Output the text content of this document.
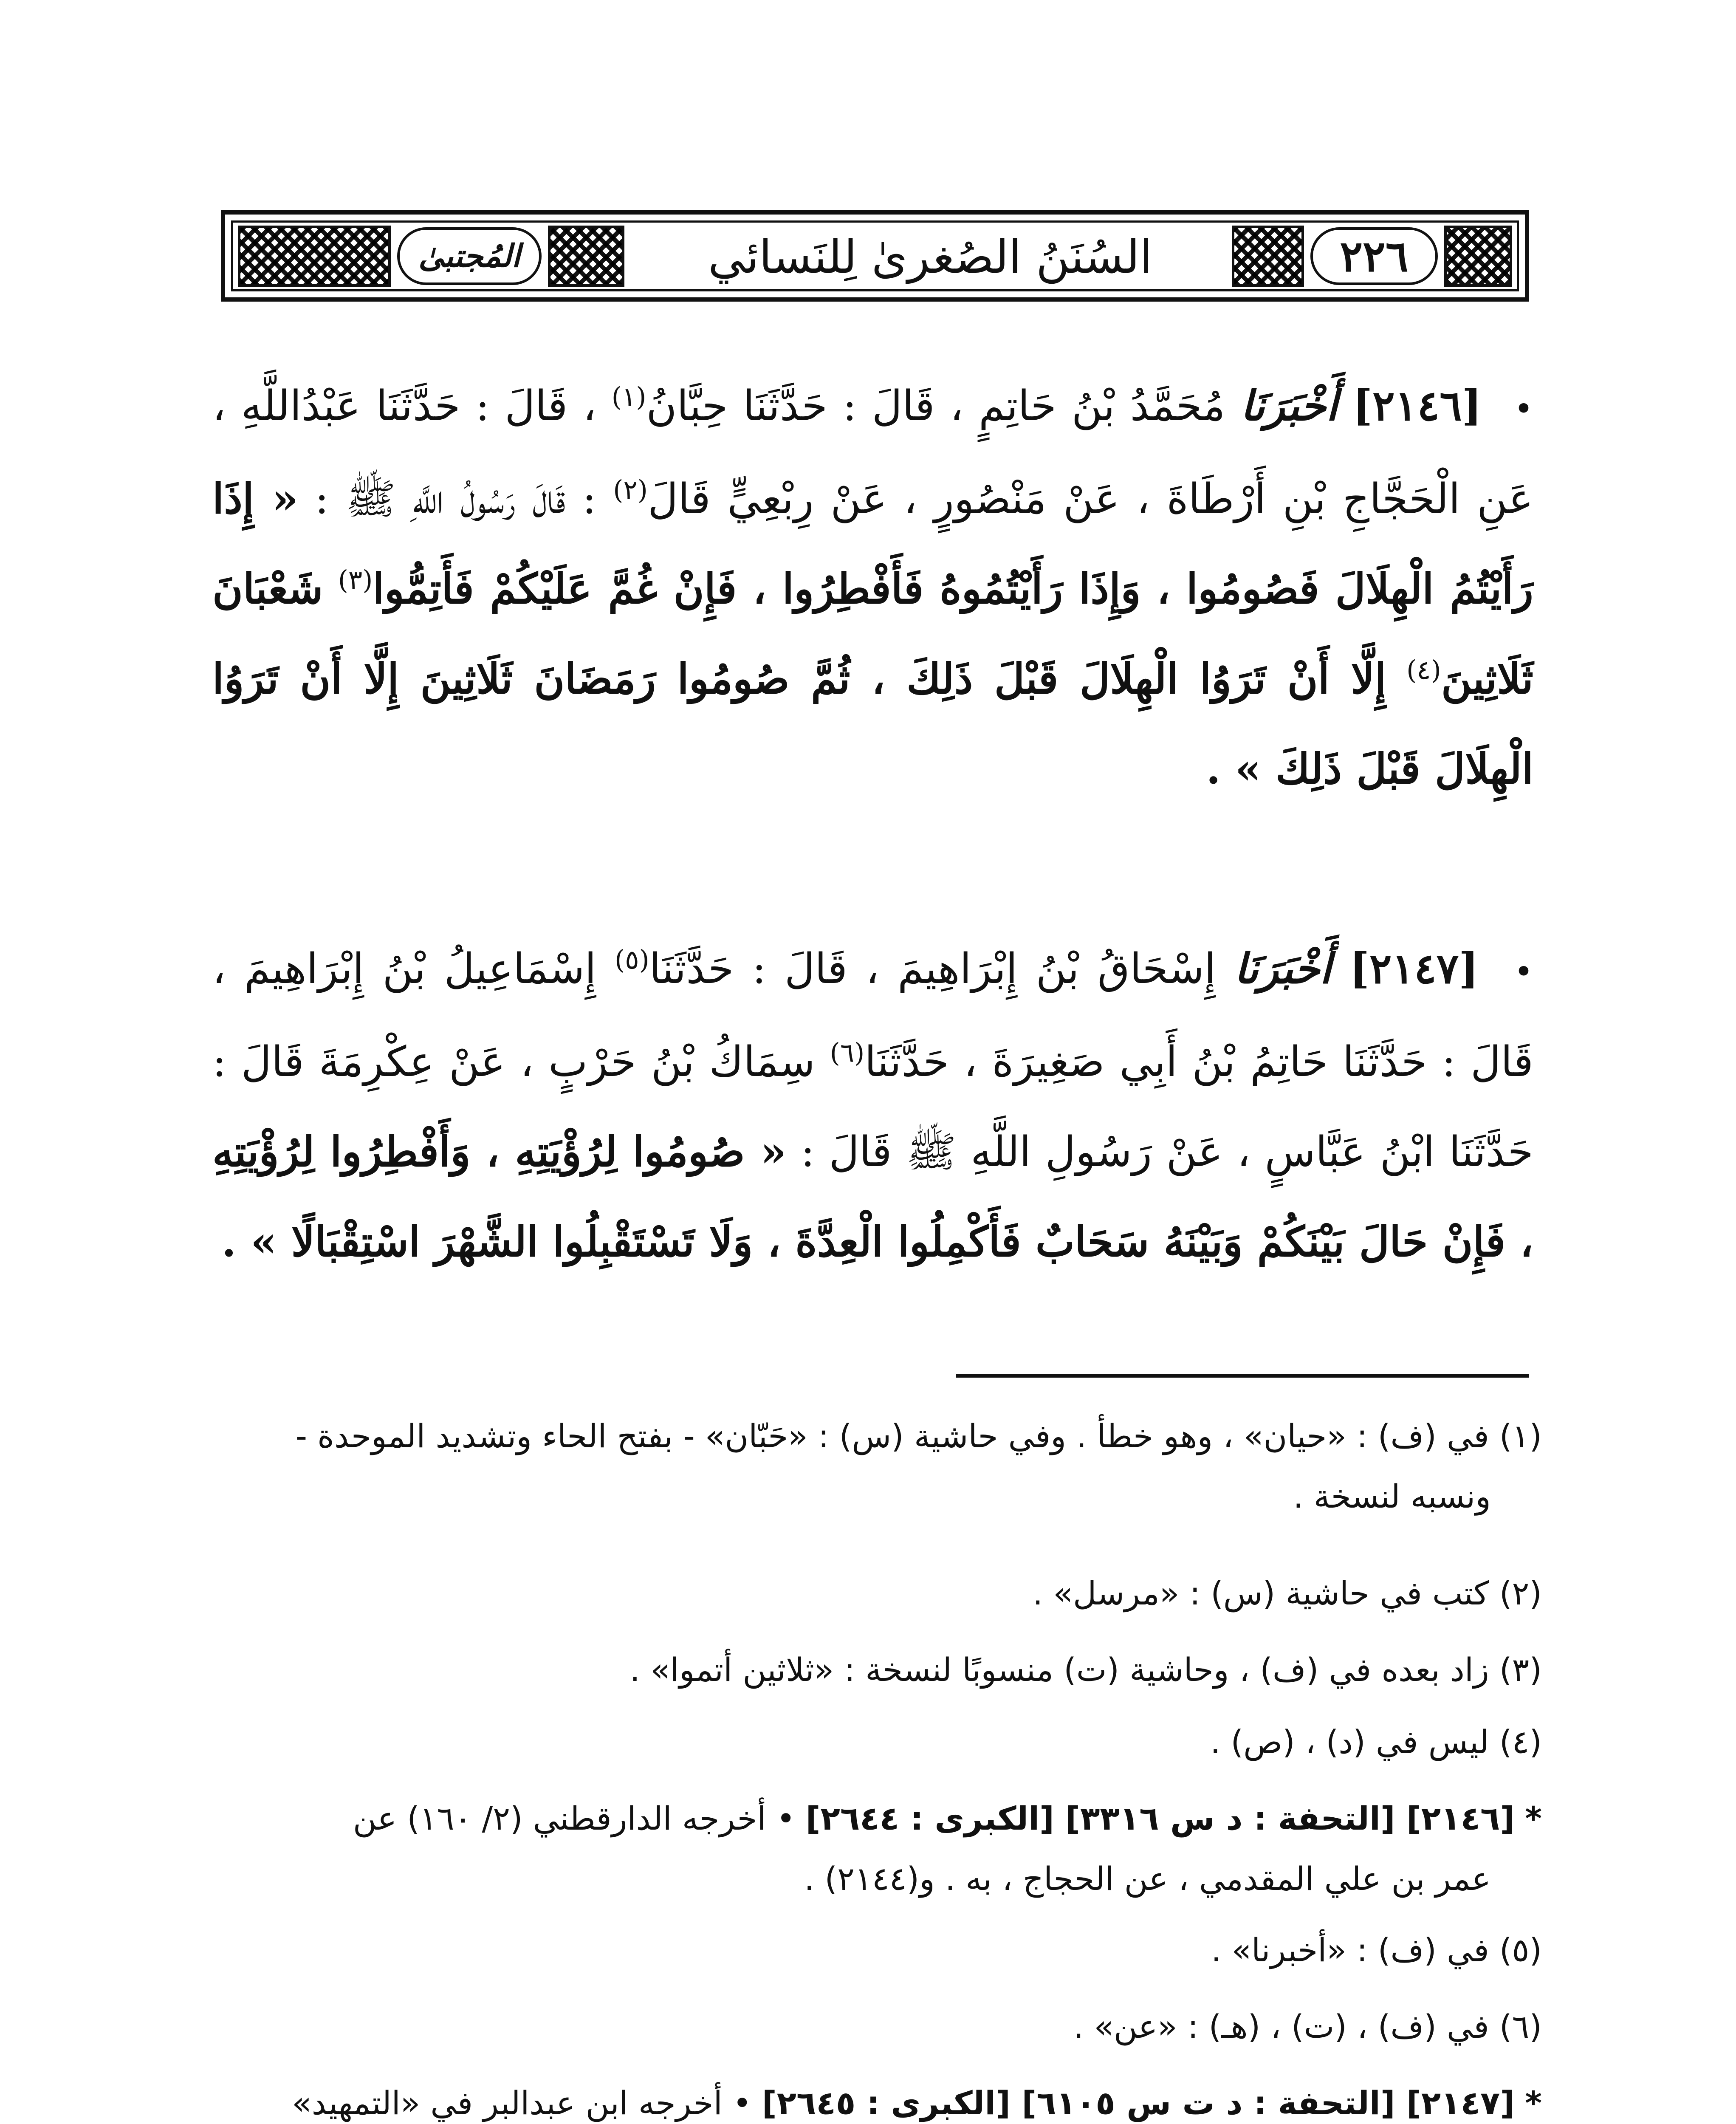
المُجتبىٰ	السُنَنُ الصُغرىٰ لِلنَسائي	٢٢٦
• [٢١٤٦] أَخْبَرَنَا مُحَمَّدُ بْنُ حَاتِمٍ ، قَالَ : حَدَّثَنَا حِبَّانُ$^{(١)}$ ، قَالَ : حَدَّثَنَا عَبْدُاللَّهِ ، عَنِ الْحَجَّاجِ بْنِ أَرْطَاةَ ، عَنْ مَنْصُورٍ ، عَنْ رِبْعِيٍّ قَالَ$^{(٢)}$ : قَالَ رَسُولُ اللَّهِ ﷺ : « إِذَا رَأَيْتُمُ الْهِلَالَ فَصُومُوا ، وَإِذَا رَأَيْتُمُوهُ فَأَفْطِرُوا ، فَإِنْ غُمَّ عَلَيْكُمْ فَأَتِمُّوا$^{(٣)}$ شَعْبَانَ ثَلَاثِينَ$^{(٤)}$ إِلَّا أَنْ تَرَوُا الْهِلَالَ قَبْلَ ذَلِكَ ، ثُمَّ صُومُوا رَمَضَانَ ثَلَاثِينَ إِلَّا أَنْ تَرَوُا الْهِلَالَ قَبْلَ ذَلِكَ » .
• [٢١٤٧] أَخْبَرَنَا إِسْحَاقُ بْنُ إِبْرَاهِيمَ ، قَالَ : حَدَّثَنَا$^{(٥)}$ إِسْمَاعِيلُ بْنُ إِبْرَاهِيمَ ، قَالَ : حَدَّثَنَا حَاتِمُ بْنُ أَبِي صَغِيرَةَ ، حَدَّثَنَا$^{(٦)}$ سِمَاكُ بْنُ حَرْبٍ ، عَنْ عِكْرِمَةَ قَالَ : حَدَّثَنَا ابْنُ عَبَّاسٍ ، عَنْ رَسُولِ اللَّهِ ﷺ قَالَ : « صُومُوا لِرُؤْيَتِهِ ، وَأَفْطِرُوا لِرُؤْيَتِهِ ، فَإِنْ حَالَ بَيْنَكُمْ وَبَيْنَهُ سَحَابٌ فَأَكْمِلُوا الْعِدَّةَ ، وَلَا تَسْتَقْبِلُوا الشَّهْرَ اسْتِقْبَالًا » .
(١) في (ف) : «حيان» ، وهو خطأ . وفي حاشية (س) : «حَبّان» - بفتح الحاء وتشديد الموحدة -
ونسبه لنسخة .
(٢) كتب في حاشية (س) : «مرسل» .
(٣) زاد بعده في (ف) ، وحاشية (ت) منسوبًا لنسخة : «ثلاثين أتموا» .
(٤) ليس في (د) ، (ص) .
* [٢١٤٦] [التحفة : د س ٣٣١٦] [الكبرى : ٢٦٤٤] • أخرجه الدارقطني (٢/ ١٦٠) عن
عمر بن علي المقدمي ، عن الحجاج ، به . و(٢١٤٤) .
(٥) في (ف) : «أخبرنا» .
(٦) في (ف) ، (ت) ، (هـ) : «عن» .
* [٢١٤٧] [التحفة : د ت س ٦١٠٥] [الكبرى : ٢٦٤٥] • أخرجه ابن عبدالبر في «التمهيد»
